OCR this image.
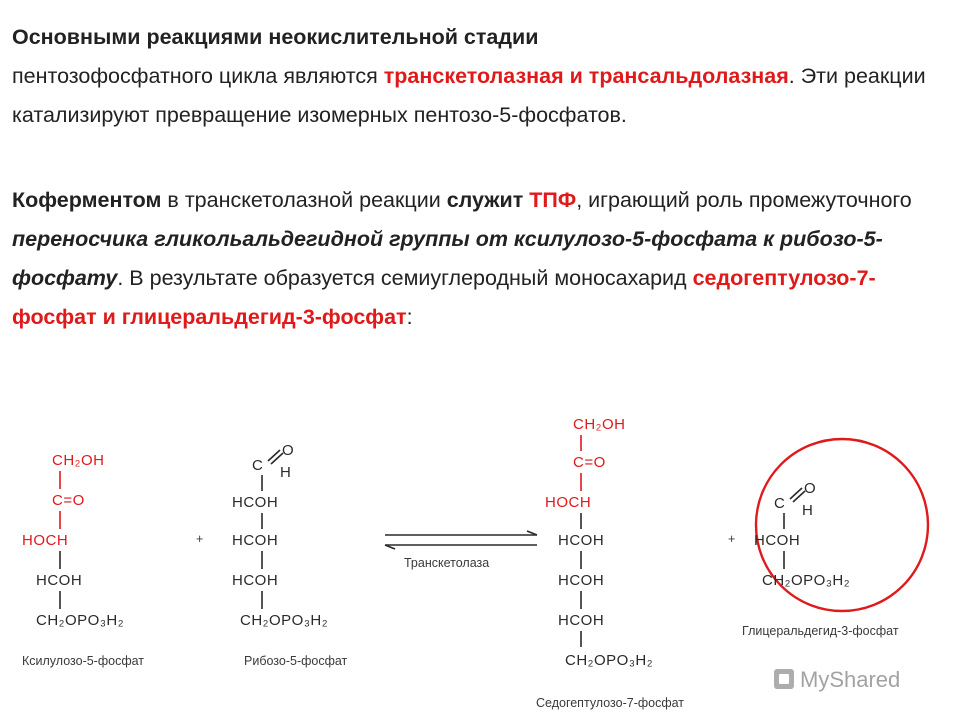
Основными реакциями неокислительной стадии
пентозофосфатного цикла являются транскетолазная и трансальдолазная. Эти реакции катализируют превращение изомерных пентозо-5-фосфатов.
Коферментом в транскетолазной реакции служит ТПФ, играющий роль промежуточного переносчика гликольальдегидной группы от ксилулозо-5-фосфата к рибозо-5-фосфату. В результате образуется семиуглеродный моносахарид седогептулозо-7-фосфат и глицеральдегид-3-фосфат:
CH₂OH
C=O
HOCH
HCOH
CH₂OPO₃H₂
Ксилулозо-5-фосфат
+
O
C H
HCOH
HCOH
HCOH
CH₂OPO₃H₂
Рибозо-5-фосфат
Транскетолаза
CH₂OH
C=O
HOCH
HCOH
HCOH
HCOH
CH₂OPO₃H₂
Седогептулозо-7-фосфат
+
O
C H
HCOH
CH₂OPO₃H₂
Глицеральдегид-3-фосфат
MyShared
